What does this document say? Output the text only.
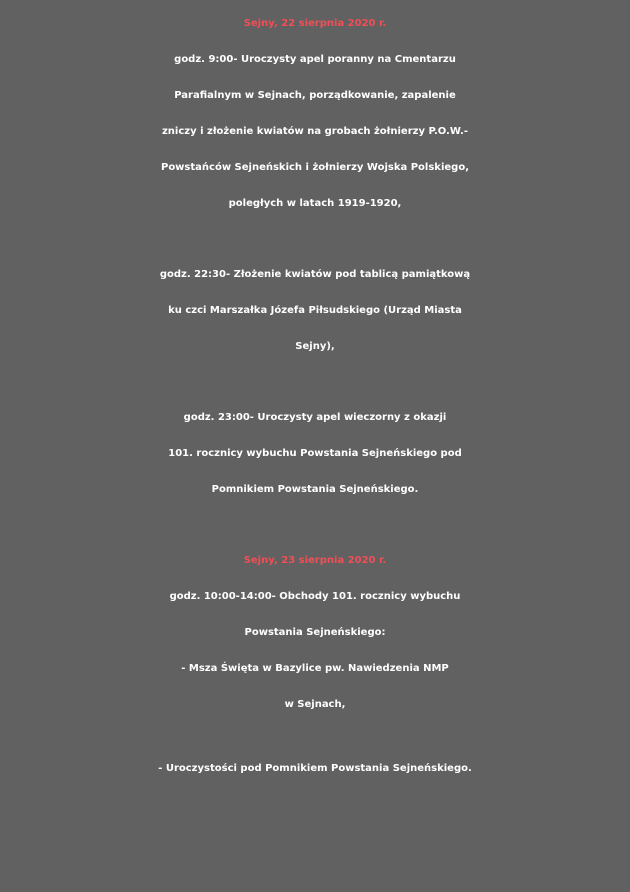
Sejny, 22 sierpnia 2020 r.
godz. 9:00- Uroczysty apel poranny na Cmentarzu
Parafialnym w Sejnach, porządkowanie, zapalenie
zniczy i złożenie kwiatów na grobach żołnierzy P.O.W.-
Powstańców Sejneńskich i żołnierzy Wojska Polskiego,
poległych w latach 1919-1920,
godz. 22:30- Złożenie kwiatów pod tablicą pamiątkową
ku czci Marszałka Józefa Piłsudskiego (Urząd Miasta
Sejny),
godz. 23:00- Uroczysty apel wieczorny z okazji
101. rocznicy wybuchu Powstania Sejneńskiego pod
Pomnikiem Powstania Sejneńskiego.
Sejny, 23 sierpnia 2020 r.
godz. 10:00-14:00- Obchody 101. rocznicy wybuchu
Powstania Sejneńskiego:
- Msza Święta w Bazylice pw. Nawiedzenia NMP
w Sejnach,
- Uroczystości pod Pomnikiem Powstania Sejneńskiego.
